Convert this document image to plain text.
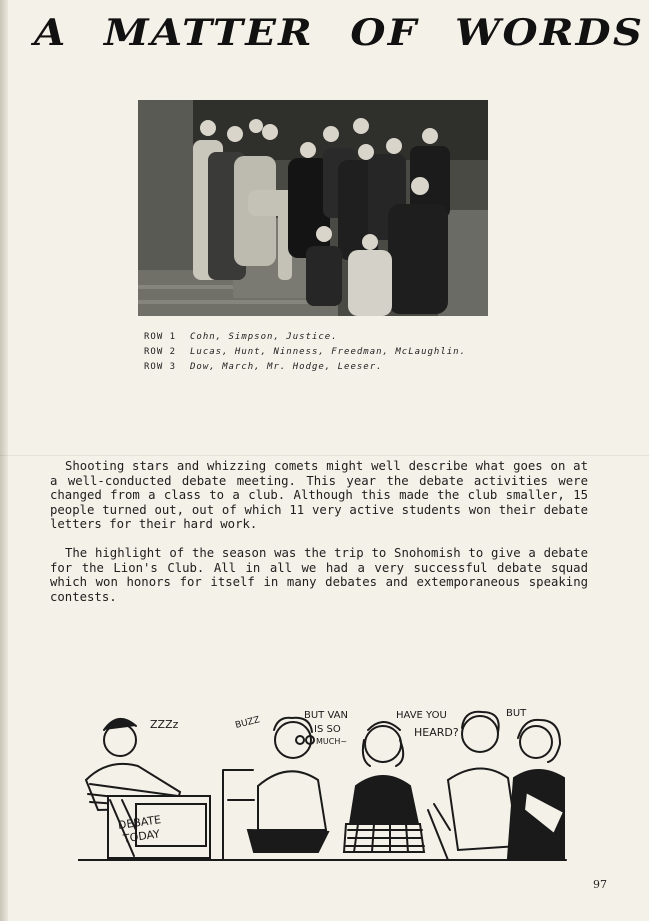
A MATTER OF WORDS
ROW 1 Cohn, Simpson, Justice.
ROW 2 Lucas, Hunt, Ninness, Freedman, McLaughlin.
ROW 3 Dow, March, Mr. Hodge, Leeser.
Shooting stars and whizzing comets might well describe what goes on at a well-conducted debate meeting. This year the debate activities were changed from a class to a club. Although this made the club smaller, 15 people turned out, out of which 11 very active students won their debate letters for their hard work.
The highlight of the season was the trip to Snohomish to give a debate for the Lion's Club. All in all we had a very successful debate squad which won honors for itself in many debates and extemporaneous speaking contests.
DEBATE
TODAY
ZZZz	BUZZ	BUT VAN
IS SO
MUCH~
HAVE YOU
HEARD?
BUT
97
